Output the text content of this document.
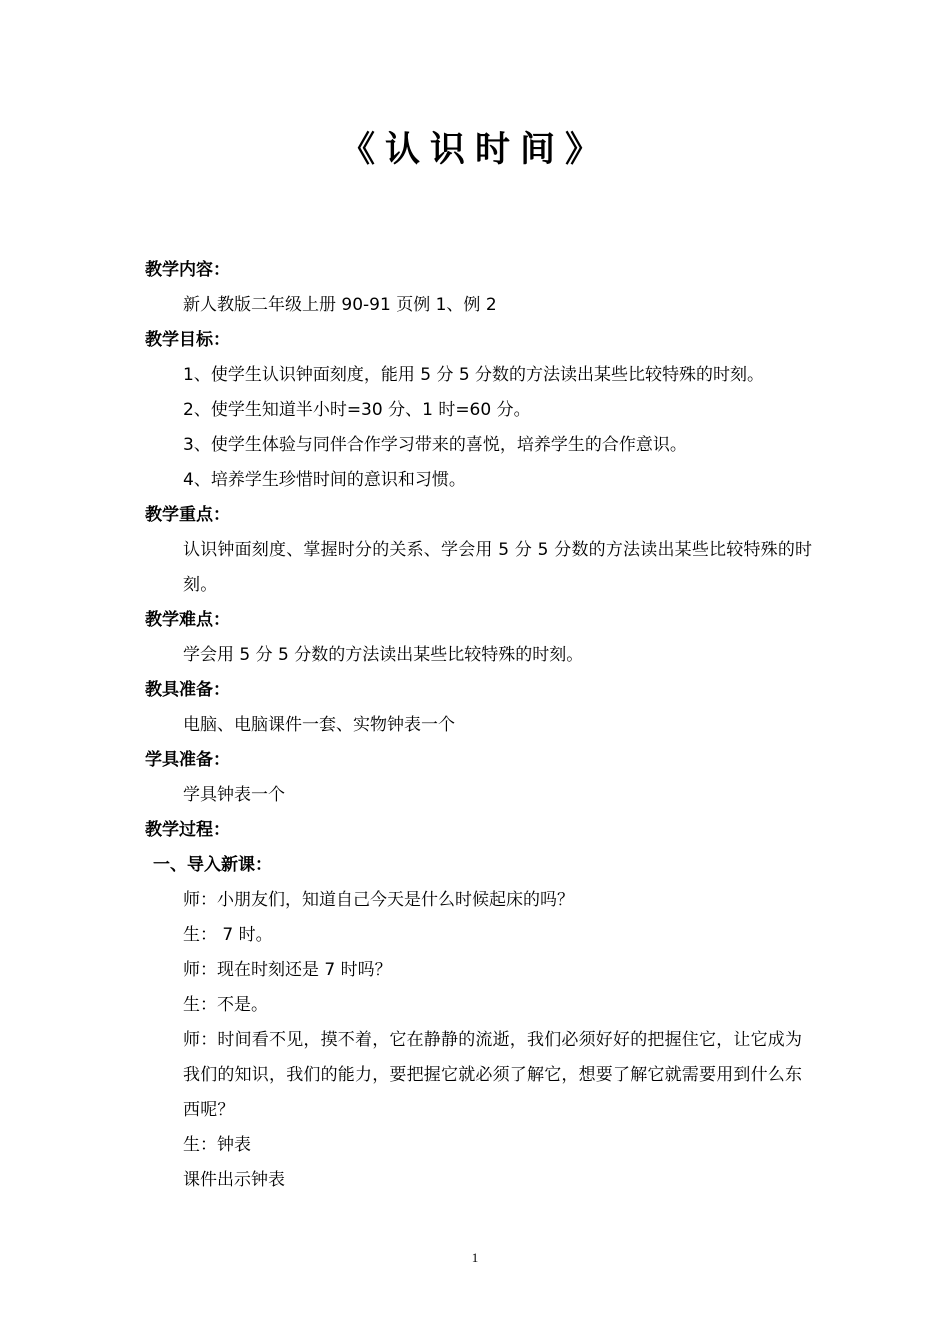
《认识时间》
教学内容：
新人教版二年级上册 90-91 页例 1、例 2
教学目标：
1、使学生认识钟面刻度，能用 5 分 5 分数的方法读出某些比较特殊的时刻。
2、使学生知道半小时=30 分、1 时=60 分。
3、使学生体验与同伴合作学习带来的喜悦，培养学生的合作意识。
4、培养学生珍惜时间的意识和习惯。
教学重点：
认识钟面刻度、掌握时分的关系、学会用 5 分 5 分数的方法读出某些比较特殊的时刻。
教学难点：
学会用 5 分 5 分数的方法读出某些比较特殊的时刻。
教具准备：
电脑、电脑课件一套、实物钟表一个
学具准备：
学具钟表一个
教学过程：
一、导入新课：
师：小朋友们，知道自己今天是什么时候起床的吗？
生： 7 时。
师：现在时刻还是 7 时吗？
生：不是。
师：时间看不见，摸不着，它在静静的流逝，我们必须好好的把握住它，让它成为我们的知识，我们的能力，要把握它就必须了解它，想要了解它就需要用到什么东西呢？
生：钟表
课件出示钟表
1
